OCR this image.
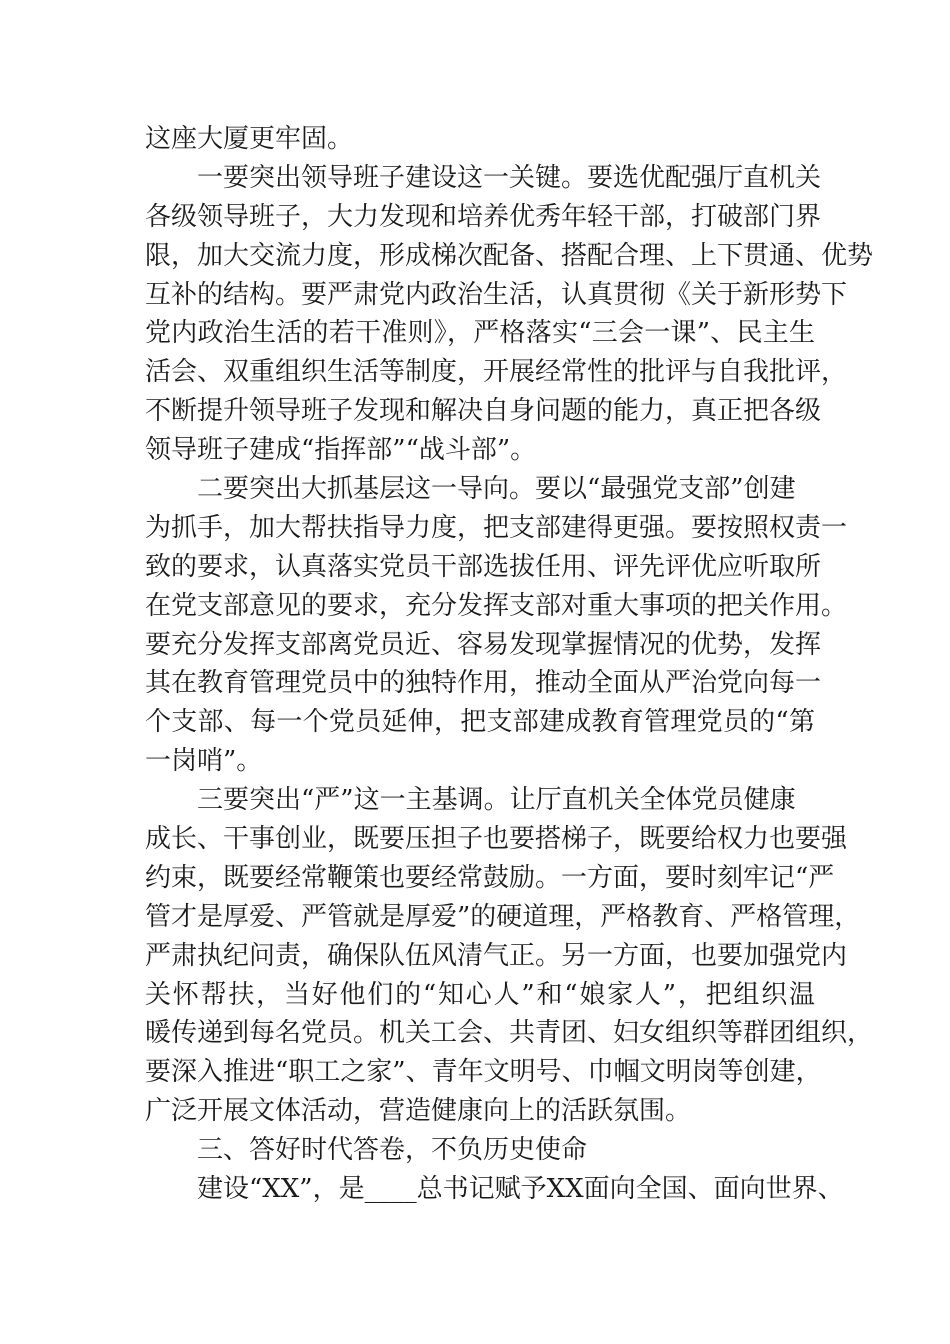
这座大厦更牢固。
一要突出领导班子建设这一关键。要选优配强厅直机关
各级领导班子，大力发现和培养优秀年轻干部，打破部门界
限，加大交流力度，形成梯次配备、搭配合理、上下贯通、优势
互补的结构。要严肃党内政治生活，认真贯彻《关于新形势下
党内政治生活的若干准则》，严格落实“三会一课”、民主生
活会、双重组织生活等制度，开展经常性的批评与自我批评，
不断提升领导班子发现和解决自身问题的能力，真正把各级
领导班子建成“指挥部”“战斗部”。
二要突出大抓基层这一导向。要以“最强党支部”创建
为抓手，加大帮扶指导力度，把支部建得更强。要按照权责一
致的要求，认真落实党员干部选拔任用、评先评优应听取所
在党支部意见的要求，充分发挥支部对重大事项的把关作用。
要充分发挥支部离党员近、容易发现掌握情况的优势，发挥
其在教育管理党员中的独特作用，推动全面从严治党向每一
个支部、每一个党员延伸，把支部建成教育管理党员的“第
一岗哨”。
三要突出“严”这一主基调。让厅直机关全体党员健康
成长、干事创业，既要压担子也要搭梯子，既要给权力也要强
约束，既要经常鞭策也要经常鼓励。一方面，要时刻牢记“严
管才是厚爱、严管就是厚爱”的硬道理，严格教育、严格管理，
严肃执纪问责，确保队伍风清气正。另一方面，也要加强党内
关怀帮扶，当好他们的“知心人”和“娘家人”，把组织温
暖传递到每名党员。机关工会、共青团、妇女组织等群团组织，
要深入推进“职工之家”、青年文明号、巾帼文明岗等创建，
广泛开展文体活动，营造健康向上的活跃氛围。
三、答好时代答卷，不负历史使命
建设“XX”，是____总书记赋予XX面向全国、面向世界、
